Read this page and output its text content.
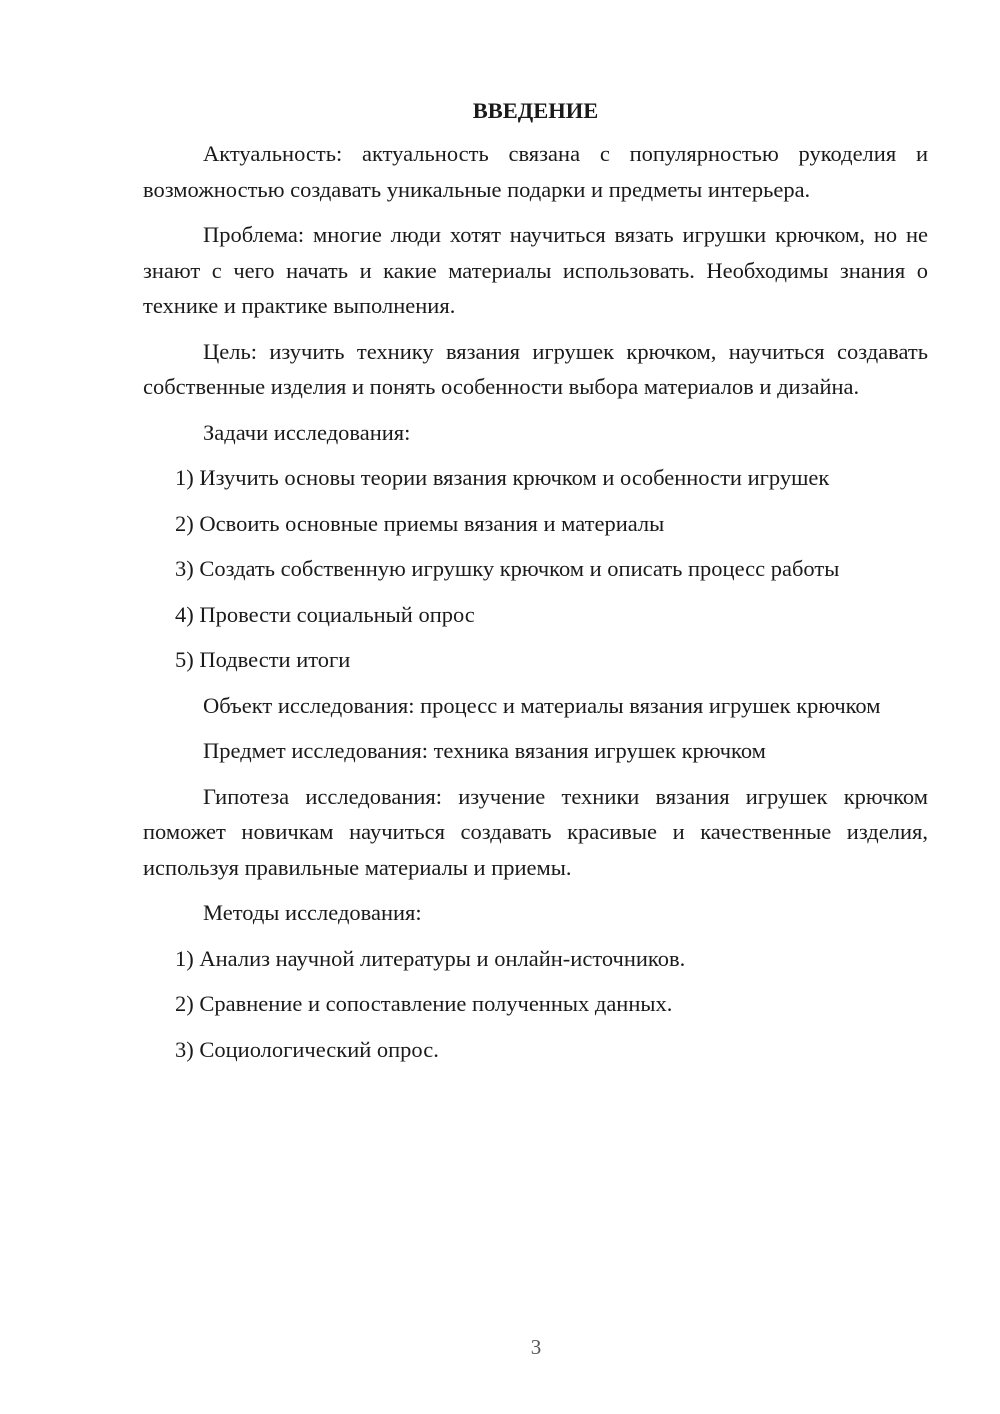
ВВЕДЕНИЕ

Актуальность: актуальность связана с популярностью рукоделия и возможностью создавать уникальные подарки и предметы интерьера.

Проблема: многие люди хотят научиться вязать игрушки крючком, но не знают с чего начать и какие материалы использовать. Необходимы знания о технике и практике выполнения.

Цель: изучить технику вязания игрушек крючком, научиться создавать собственные изделия и понять особенности выбора материалов и дизайна.

Задачи исследования:

1) Изучить основы теории вязания крючком и особенности игрушек
2) Освоить основные приемы вязания и материалы
3) Создать собственную игрушку крючком и описать процесс работы
4) Провести социальный опрос
5) Подвести итоги

Объект исследования: процесс и материалы вязания игрушек крючком

Предмет исследования: техника вязания игрушек крючком

Гипотеза исследования: изучение техники вязания игрушек крючком поможет новичкам научиться создавать красивые и качественные изделия, используя правильные материалы и приемы.

Методы исследования:

1) Анализ научной литературы и онлайн-источников.
2) Сравнение и сопоставление полученных данных.
3) Социологический опрос.
3
